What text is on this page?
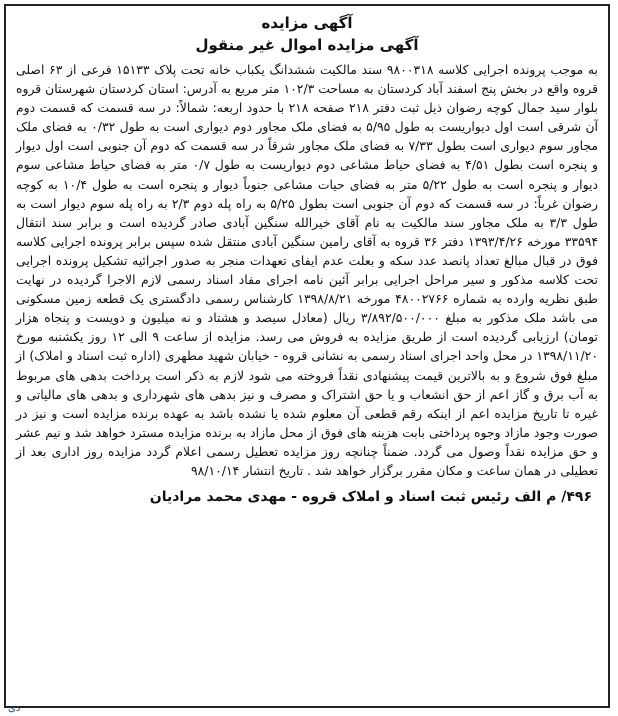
آگهی مزایده
آگهی مزایده اموال غیر منقول

به موجب پرونده اجرایی کلاسه ۹۸۰۰۳۱۸ سند مالکیت ششدانگ یکباب خانه تحت پلاک ۱۵۱۳۳ فرعی از ۶۳ اصلی قروه واقع در بخش پنج اسفند آباد کردستان به مساحت ۱۰۲/۳ متر مربع به آدرس: استان کردستان شهرستان قروه بلوار سید جمال کوچه رضوان ذیل ثبت دفتر ۲۱۸ صفحه ۲۱۸ با حدود اربعه: شمالاً: در سه قسمت که قسمت دوم آن شرقی است اول دیواریست به طول ۵/۹۵ به فضای ملک مجاور دوم دیواری است به طول ۰/۳۲ به فضای ملک مجاور سوم دیواری است بطول ۷/۳۳ به فضای ملک مجاور شرقاً در سه قسمت که دوم آن جنوبی است اول دیوار و پنجره است بطول ۴/۵۱ به فضای حیاط مشاعی دوم دیواریست به طول ۰/۷ متر به فضای حیاط مشاعی سوم دیوار و پنجره است به طول ۵/۲۲ متر به فضای حیات مشاعی جنوباً دیوار و پنجره است به طول ۱۰/۴ به کوچه رضوان غرباً: در سه قسمت که دوم آن جنوبی است بطول ۵/۲۵ به راه پله دوم ۲/۳ به راه پله سوم دیوار است به طول ۳/۳ به ملک مجاور سند مالکیت به نام آقای خیرالله سنگین آبادی صادر گردیده است و برابر سند انتقال ۳۳۵۹۴ مورخه ۱۳۹۳/۴/۲۶ دفتر ۳۶ قروه به آقای رامین سنگین آبادی منتقل شده سپس برابر پرونده اجرایی کلاسه فوق در قبال مبالغ تعداد پانصد عدد سکه و بعلت عدم ایفای تعهدات منجر به صدور اجرائیه تشکیل پرونده اجرایی تحت کلاسه مذکور و سیر مراحل اجرایی برابر آئین نامه اجرای مفاد اسناد رسمی لازم الاجرا گردیده در نهایت طبق نظریه وارده به شماره ۴۸۰۰۲۷۶۶ مورخه ۱۳۹۸/۸/۲۱ کارشناس رسمی دادگستری یک قطعه زمین مسکونی می باشد ملک مذکور به مبلغ ۳/۸۹۲/۵۰۰/۰۰۰ ریال (معادل سیصد و هشتاد و نه میلیون و دویست و پنجاه هزار تومان) ارزیابی گردیده است از طریق مزایده به فروش می رسد. مزایده از ساعت ۹ الی ۱۲ روز یکشنبه مورخ ۱۳۹۸/۱۱/۲۰ در محل واحد اجرای اسناد رسمی به نشانی قروه - خیابان شهید مطهری (اداره ثبت اسناد و املاک) از مبلغ فوق شروع و به بالاترین قیمت پیشنهادی نقداً فروخته می شود لازم به ذکر است پرداخت بدهی های مربوط به آب برق و گاز اعم از حق انشعاب و یا حق اشتراک و مصرف و نیز بدهی های شهرداری و بدهی های مالیاتی و غیره تا تاریخ مزایده اعم از اینکه رقم قطعی آن معلوم شده یا نشده باشد به عهده برنده مزایده است و نیز در صورت وجود مازاد وجوه پرداختی بابت هزینه های فوق از محل مازاد به برنده مزایده مسترد خواهد شد و نیم عشر و حق مزایده نقداً وصول می گردد. ضمناً چنانچه روز مزایده تعطیل رسمی اعلام گردد مزایده روز اداری بعد از تعطیلی در همان ساعت و مکان مقرر برگزار خواهد شد . تاریخ انتشار ۹۸/۱۰/۱۴

۴۹۶/ م الف رئیس ثبت اسناد و املاک قروه - مهدی محمد مرادیان
دی
